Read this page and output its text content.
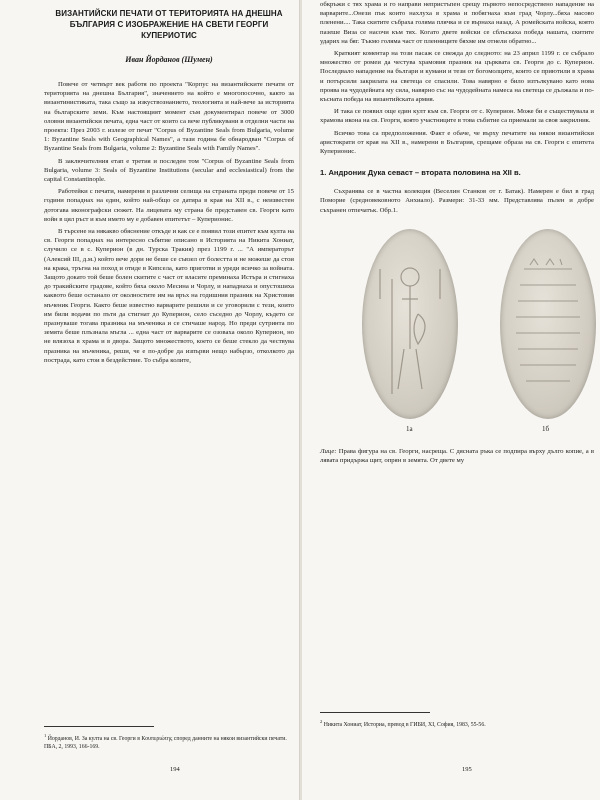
ВИЗАНТИЙСКИ ПЕЧАТИ ОТ ТЕРИТОРИЯТА НА ДНЕШНА
БЪЛГАРИЯ С ИЗОБРАЖЕНИЕ НА СВЕТИ ГЕОРГИ КУПЕРИОТИС
Иван Йорданов (Шумен)

Повече от четвърт век работя по проекта "Корпус на византийските печати от територията на днешна България", значението на който е многопосочно, както за византинистиката, така също за изкуствознанието, теологията и най-вече за историята на българските земи. Към настоящият момент съм документирал повече от 3000 оловни византийски печата, една част от които са вече публикувани в отделни части на проекта: През 2003 г. излезе от печат "Corpus of Byzantine Seals from Bulgaria, volume 1: Byzantine Seals with Geographical Names", а тази година бе обнародван "Corpus of Byzantine Seals from Bulgaria, volume 2: Byzantine Seals with Family Names".

В заключителния етап е третия и последен том "Corpus of Byzantine Seals from Bulgaria, volume 3: Seals of Byzantine Institutions (secular and ecclesiastical) from the capital Constantinople.

Работейки с печати, намерени в различни селища на страната преди повече от 15 години попаднах на един, който най-общо се датира в края на XII в., с неизвестен дотогава иконографски сюжет. На лицевата му страна бе представен св. Георги като войн в цял ръст и към името му е добавен епитетът – Куперионис.

В търсене на някакво обяснение откъде и как се е появил този епитет към култа на св. Георги попаднах на интересно събитие описано в Историята на Никита Хониат, случило се в с. Куперион (в дн. Турска Тракия) през 1199 г. ... "А императорът (Алексий III, д.м.) който вече дори не беше се съвзел от болестта и не можеше да стои на крака, тръгна на поход и отиде в Кипсела, като приготви и уреди всичко за войната. Защото докато той беше болен скитите с част от власите преминаха Истъра и стигнаха до тракийските градове, който бяха около Месина и Чорлу, и нападнаха и опустошиха каквото беше останало от околностите им на връх на годишния празник на Христовия мъченик Георги. Както беше известно варварите решили и се уговорили с тези, които им били водачи по пътя да стигнат до Куперион, село съседно до Чорлу, където се празнуваше тогава празника на мъченика и се стичаше народ. Но преди сутринта по земята беше плъзнала мъгла ... една част от варварите се озоваха около Куперион, но не влязоха в храма и в двора. Защото множеството, което се беше стекло да чествува празника на мъченика, реши, че е по-добре да изпърви нещо набързо, отколкото да пострада, като стои в бездействие. То събра колите,

обкръжи с тях храма и го направи непристъпен срещу първото непосредствено нападение на варварите...Онези пък които нахлуха в храма и побягнаха към град Чорлу...бяха масово пленени.... Така скитите събраха голяма плячка и се върнаха назад. А ромейската войска, която пазеше Виза се насочи към тях. Когато двете войски се сблъскаха победа нашата, скитите ударих на бяг. Тъкмо голяма част от пленниците бяхме им отнели обратно...

Краткият коментар на този пасаж се свежда до следното: на 23 април 1199 г. се събрало множество от ромеи да честува храмовия празник на църквата св. Георги до с. Куперион. Последвало нападение на българи и кумани и тези от богомолците, които се приютили в храма и потърсили закрилата на светеца се спасили. Това навярно е било изтълкувано като нова проява на чудодейната му сила, навярно със на чудодейната намеса на светеца се дължала и по-късната победа на византийската армия.

И така се появил още един култ към св. Георги от с. Куперион. Може би е съществувала и храмова икона на св. Георги, която участниците в това събитие са приемали за своя закрилник.

Всичко това са предположения. Факт е обаче, че върху печатите на някои византийски аристократи от края на XII в., намерени в България, срещаме образа на св. Георги с епитета Куперионис.

1. Андроник Дука севаст – втората половина на XII в.

Съхранява се в частна колекция (Веселин Станков от г. Батак). Намерен е бил в град Поморие (средновековното Анхиало). Размери: 31-33 мм. Представлява пълен и добре съхранен отпечатък. Обр.1.

1а	1б
Лице: Права фигура на св. Георги, насреща. С дясната ръка се подпира върху дълго копие, а в лявата придържа щит, опрян в земята. От двете му
$^1$ Йорданов, И. За култа на св. Георги в Кoυπεριώτης според данните на някои византийски печати. ПБА, 2, 1993, 166-169.
$^2$ Никита Хониат, Историа, превод в ГИБИ, XI, София, 1983, 55-56.
194	195
